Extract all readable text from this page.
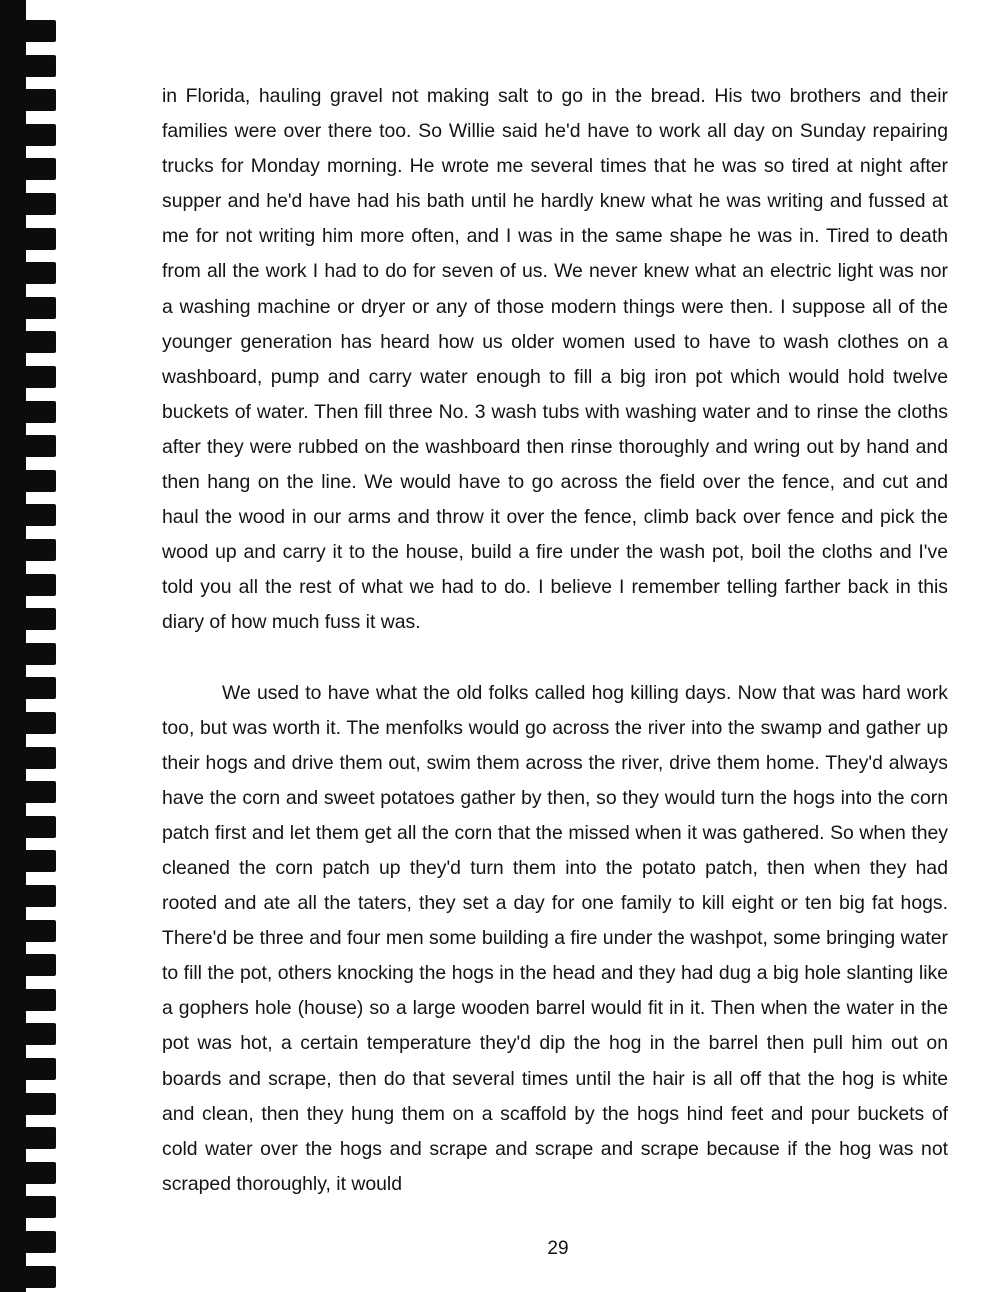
in Florida, hauling gravel not making salt to go in the bread. His two brothers and their families were over there too. So Willie said he'd have to work all day on Sunday repairing trucks for Monday morning. He wrote me several times that he was so tired at night after supper and he'd have had his bath until he hardly knew what he was writing and fussed at me for not writing him more often, and I was in the same shape he was in. Tired to death from all the work I had to do for seven of us. We never knew what an electric light was nor a washing machine or dryer or any of those modern things were then. I suppose all of the younger generation has heard how us older women used to have to wash clothes on a washboard, pump and carry water enough to fill a big iron pot which would hold twelve buckets of water. Then fill three No. 3 wash tubs with washing water and to rinse the cloths after they were rubbed on the washboard then rinse thoroughly and wring out by hand and then hang on the line. We would have to go across the field over the fence, and cut and haul the wood in our arms and throw it over the fence, climb back over fence and pick the wood up and carry it to the house, build a fire under the wash pot, boil the cloths and I've told you all the rest of what we had to do. I believe I remember telling farther back in this diary of how much fuss it was.

We used to have what the old folks called hog killing days. Now that was hard work too, but was worth it. The menfolks would go across the river into the swamp and gather up their hogs and drive them out, swim them across the river, drive them home. They'd always have the corn and sweet potatoes gather by then, so they would turn the hogs into the corn patch first and let them get all the corn that the missed when it was gathered. So when they cleaned the corn patch up they'd turn them into the potato patch, then when they had rooted and ate all the taters, they set a day for one family to kill eight or ten big fat hogs. There'd be three and four men some building a fire under the washpot, some bringing water to fill the pot, others knocking the hogs in the head and they had dug a big hole slanting like a gophers hole (house) so a large wooden barrel would fit in it. Then when the water in the pot was hot, a certain temperature they'd dip the hog in the barrel then pull him out on boards and scrape, then do that several times until the hair is all off that the hog is white and clean, then they hung them on a scaffold by the hogs hind feet and pour buckets of cold water over the hogs and scrape and scrape and scrape because if the hog was not scraped thoroughly, it would

29
